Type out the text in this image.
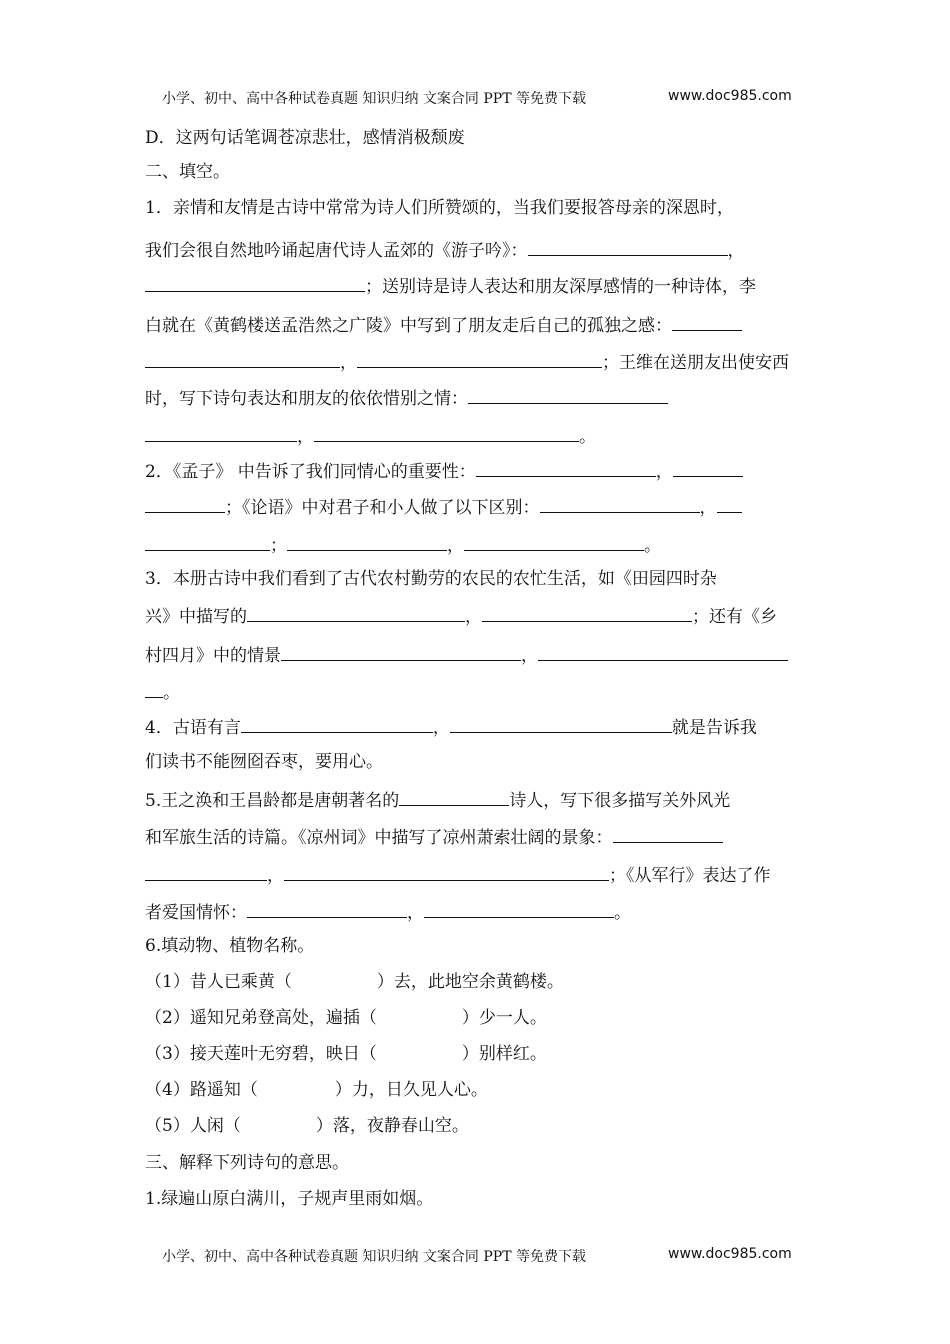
小学、初中、高中各种试卷真题 知识归纳 文案合同 PPT 等免费下载	www.doc985.com
D．这两句话笔调苍凉悲壮，感情消极颓废
二、填空。
1．亲情和友情是古诗中常常为诗人们所赞颂的，当我们要报答母亲的深恩时，
我们会很自然地吟诵起唐代诗人孟郊的《游子吟》：	，
；送别诗是诗人表达和朋友深厚感情的一种诗体，李
白就在《黄鹤楼送孟浩然之广陵》中写到了朋友走后自己的孤独之感：
，	；王维在送朋友出使安西
时，写下诗句表达和朋友的依依惜别之情：
，	。
2．《孟子》 中告诉了我们同情心的重要性：	，
；《论语》中对君子和小人做了以下区别：	，
；	，	。
3．本册古诗中我们看到了古代农村勤劳的农民的农忙生活，如《田园四时杂
兴》中描写的	，	；还有《乡
村四月》中的情景	，
。
4．古语有言	，	就是告诉我
们读书不能囫囵吞枣，要用心。
5.王之涣和王昌龄都是唐朝著名的	诗人，写下很多描写关外风光
和军旅生活的诗篇。《凉州词》中描写了凉州萧索壮阔的景象：
，	；《从军行》表达了作
者爱国情怀：	，	。
6.填动物、植物名称。
（1）昔人已乘黄（	）去，此地空余黄鹤楼。
（2）遥知兄弟登高处，遍插（	）少一人。
（3）接天莲叶无穷碧，映日（	）别样红。
（4）路遥知（	）力，日久见人心。
（5）人闲（	）落，夜静春山空。
三、解释下列诗句的意思。
1.绿遍山原白满川，子规声里雨如烟。
小学、初中、高中各种试卷真题 知识归纳 文案合同 PPT 等免费下载	www.doc985.com
